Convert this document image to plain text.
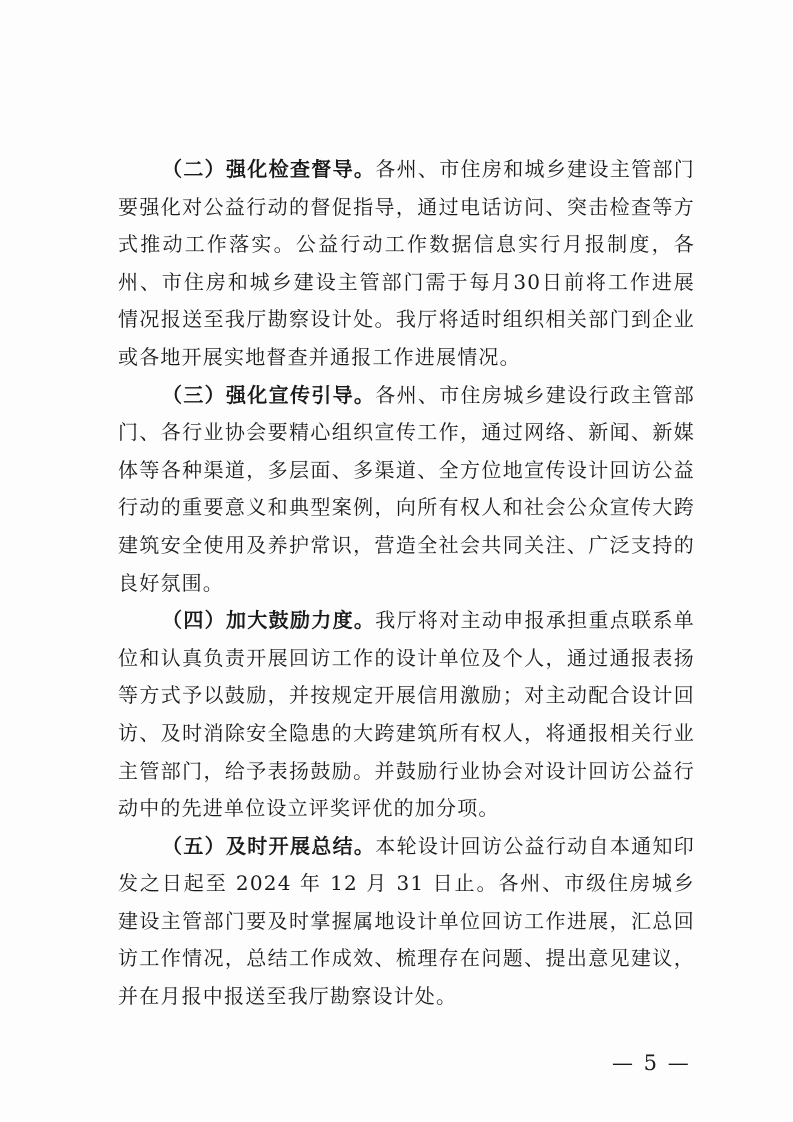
（二）强化检查督导。各州、市住房和城乡建设主管部门要强化对公益行动的督促指导，通过电话访问、突击检查等方式推动工作落实。公益行动工作数据信息实行月报制度，各州、市住房和城乡建设主管部门需于每月30日前将工作进展情况报送至我厅勘察设计处。我厅将适时组织相关部门到企业或各地开展实地督查并通报工作进展情况。

（三）强化宣传引导。各州、市住房城乡建设行政主管部门、各行业协会要精心组织宣传工作，通过网络、新闻、新媒体等各种渠道，多层面、多渠道、全方位地宣传设计回访公益行动的重要意义和典型案例，向所有权人和社会公众宣传大跨建筑安全使用及养护常识，营造全社会共同关注、广泛支持的良好氛围。

（四）加大鼓励力度。我厅将对主动申报承担重点联系单位和认真负责开展回访工作的设计单位及个人，通过通报表扬等方式予以鼓励，并按规定开展信用激励；对主动配合设计回访、及时消除安全隐患的大跨建筑所有权人，将通报相关行业主管部门，给予表扬鼓励。并鼓励行业协会对设计回访公益行动中的先进单位设立评奖评优的加分项。

（五）及时开展总结。本轮设计回访公益行动自本通知印发之日起至 2024 年 12 月 31 日止。各州、市级住房城乡建设主管部门要及时掌握属地设计单位回访工作进展，汇总回访工作情况，总结工作成效、梳理存在问题、提出意见建议，并在月报中报送至我厅勘察设计处。

— 5 —
